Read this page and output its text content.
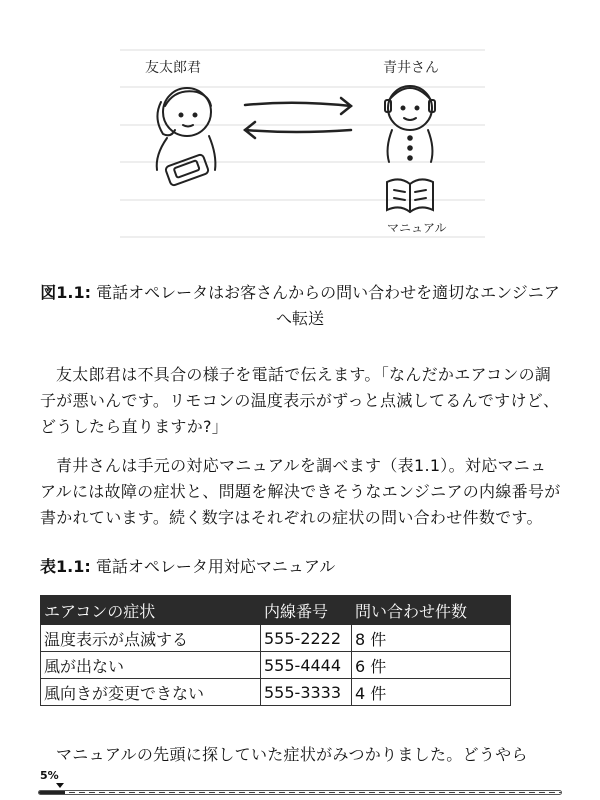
友太郎君	青井さん
マニュアル
図1.1: 電話オペレータはお客さんからの問い合わせを適切なエンジニアへ転送

友太郎君は不具合の様子を電話で伝えます。「なんだかエアコンの調子が悪いんです。リモコンの温度表示がずっと点滅してるんですけど、どうしたら直りますか?」

青井さんは手元の対応マニュアルを調べます（表1.1）。対応マニュアルには故障の症状と、問題を解決できそうなエンジニアの内線番号が書かれています。続く数字はそれぞれの症状の問い合わせ件数です。

表1.1: 電話オペレータ用対応マニュアル
エアコンの症状	内線番号	問い合わせ件数
温度表示が点滅する	555-2222	8 件
風が出ない	555-4444	6 件
風向きが変更できない	555-3333	4 件

マニュアルの先頭に探していた症状がみつかりました。どうやら

5%
